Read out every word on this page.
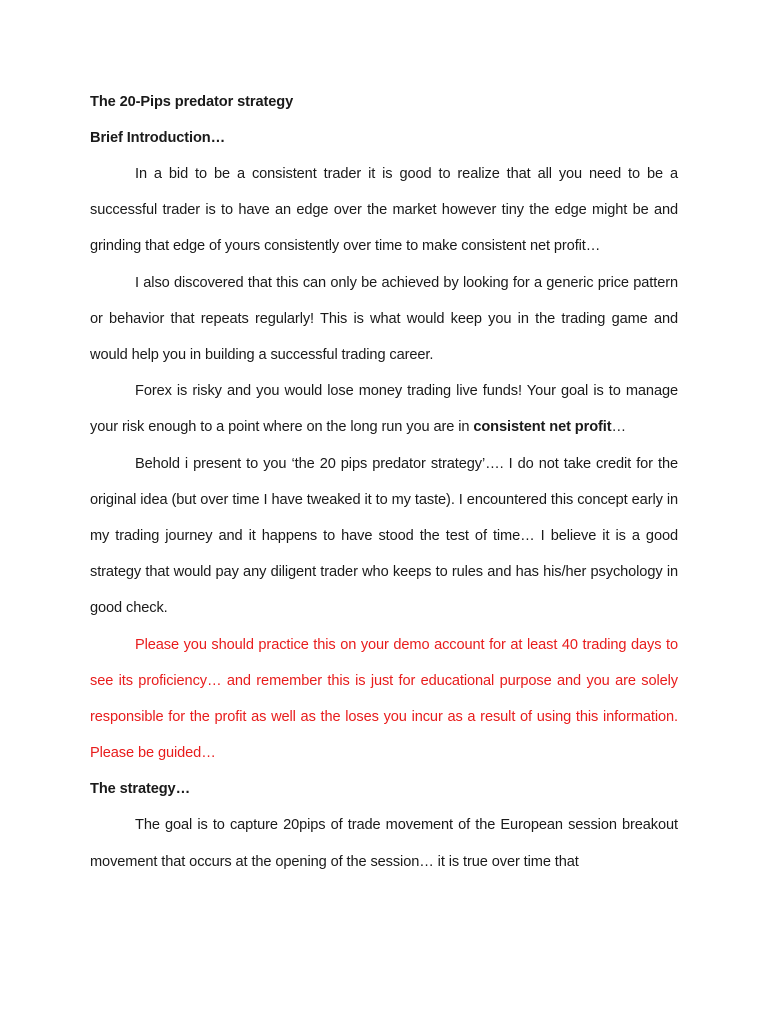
The 20-Pips predator strategy

Brief Introduction…

In a bid to be a consistent trader it is good to realize that all you need to be a successful trader is to have an edge over the market however tiny the edge might be and grinding that edge of yours consistently over time to make consistent net profit…

I also discovered that this can only be achieved by looking for a generic price pattern or behavior that repeats regularly! This is what would keep you in the trading game and would help you in building a successful trading career.

Forex is risky and you would lose money trading live funds! Your goal is to manage your risk enough to a point where on the long run you are in consistent net profit…

Behold i present to you ‘the 20 pips predator strategy’…. I do not take credit for the original idea (but over time I have tweaked it to my taste). I encountered this concept early in my trading journey and it happens to have stood the test of time… I believe it is a good strategy that would pay any diligent trader who keeps to rules and has his/her psychology in good check.

Please you should practice this on your demo account for at least 40 trading days to see its proficiency… and remember this is just for educational purpose and you are solely responsible for the profit as well as the loses you incur as a result of using this information. Please be guided…

The strategy…

The goal is to capture 20pips of trade movement of the European session breakout movement that occurs at the opening of the session… it is true over time that
